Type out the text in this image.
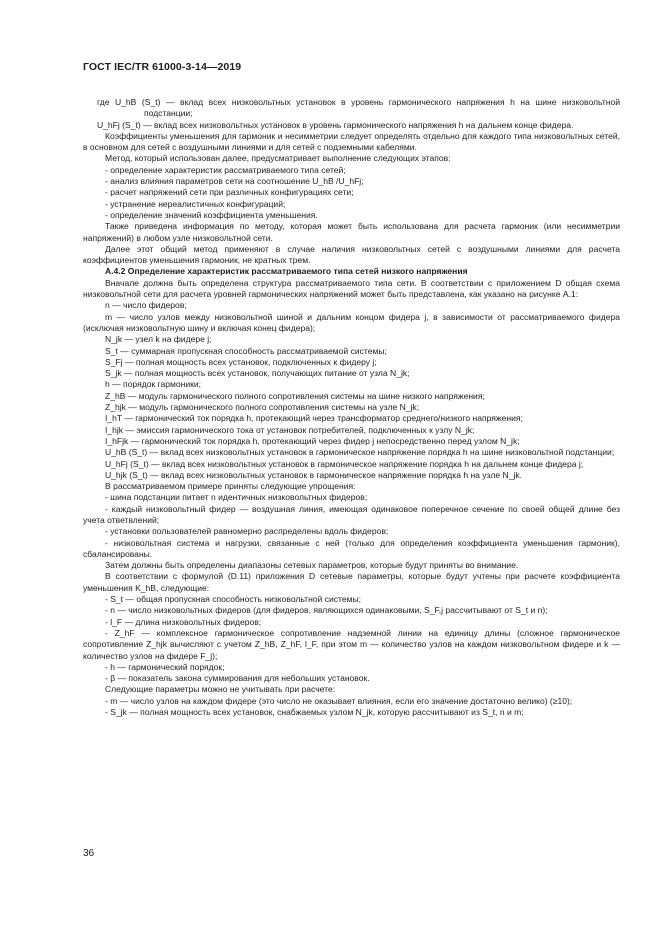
ГОСТ IEC/TR 61000-3-14—2019

где U_hB (S_t) — вклад всех низковольтных установок в уровень гармонического напряжения h на шине низковольтной подстанции;

U_hFj (S_t) — вклад всех низковольтных установок в уровень гармонического напряжения h на дальнем конце фидера.

Коэффициенты уменьшения для гармоник и несимметрии следует определять отдельно для каждого типа низковольтных сетей, в основном для сетей с воздушными линиями и для сетей с подземными кабелями.

Метод, который использован далее, предусматривает выполнение следующих этапов:

- определение характеристик рассматриваемого типа сетей;

- анализ влияния параметров сети на соотношение U_hB /U_hFj;

- расчет напряжений сети при различных конфигурациях сети;

- устранение нереалистичных конфигураций;

- определение значений коэффициента уменьшения.

Также приведена информация по методу, которая может быть использована для расчета гармоник (или несимметрии напряжений) в любом узле низковольтной сети.

Далее этот общий метод применяют в случае наличия низковольтных сетей с воздушными линиями для расчета коэффициентов уменьшения гармоник, не кратных трем.

А.4.2 Определение характеристик рассматриваемого типа сетей низкого напряжения

Вначале должна быть определена структура рассматриваемого типа сети. В соответствии с приложением D общая схема низковольтной сети для расчета уровней гармонических напряжений может быть представлена, как указано на рисунке А.1:

n — число фидеров;

m — число узлов между низковольтной шиной и дальним концом фидера j, в зависимости от рассматриваемого фидера (исключая низковольтную шину и включая конец фидера);

N_jk — узел k на фидере j;

S_t — суммарная пропускная способность рассматриваемой системы;

S_Fj — полная мощность всех установок, подключенных к фидеру j;

S_jk — полная мощность всех установок, получающих питание от узла N_jk;

h — порядок гармоники;

Z_hB — модуль гармонического полного сопротивления системы на шине низкого напряжения;

Z_hjk — модуль гармонического полного сопротивления системы на узле N_jk;

I_hT — гармонический ток порядка h, протекающий через трансформатор среднего/низкого напряжения;

I_hjk — эмиссия гармонического тока от установок потребителей, подключенных к узлу N_jk;

I_hFjk — гармонический ток порядка h, протекающий через фидер j непосредственно перед узлом N_jk;

U_hB (S_t) — вклад всех низковольтных установок в гармоническое напряжение порядка h на шине низковольтной подстанции;

U_hFj (S_t) — вклад всех низковольтных установок в гармоническое напряжение порядка h на дальнем конце фидера j;

U_hjk (S_t) — вклад всех низковольтных установок в гармоническое напряжение порядка h на узле N_jk.

В рассматриваемом примере приняты следующие упрощения:

- шина подстанции питает n идентичных низковольтных фидеров;

- каждый низковольтный фидер — воздушная линия, имеющая одинаковое поперечное сечение по своей общей длине без учета ответвлений;

- установки пользователей равномерно распределены вдоль фидеров;

- низковольтная система и нагрузки, связанные с ней (только для определения коэффициента уменьшения гармоник), сбалансированы.

Затем должны быть определены диапазоны сетевых параметров, которые будут приняты во внимание.

В соответствии с формулой (D.11) приложения D сетевые параметры, которые будут учтены при расчете коэффициента уменьшения K_hB, следующие:

- S_t — общая пропускная способность низковольтной системы;

- n — число низковольтных фидеров (для фидеров, являющихся одинаковыми, S_F,j рассчитывают от S_t и n);

- l_F — длина низковольтных фидеров;

- Z_hF — комплексное гармоническое сопротивление надземной линии на единицу длины (сложное гармоническое сопротивление Z_hjk вычисляют с учетом Z_hB, Z_hF, l_F, при этом m — количество узлов на каждом низковольтном фидере и k — количество узлов на фидере F_j);

- h — гармонический порядок;

- β — показатель закона суммирования для небольших установок.

Следующие параметры можно не учитывать при расчете:

- m — число узлов на каждом фидере (это число не оказывает влияния, если его значение достаточно велико) (≥10);

- S_jk — полная мощность всех установок, снабжаемых узлом N_jk, которую рассчитывают из S_t, n и m;

36
